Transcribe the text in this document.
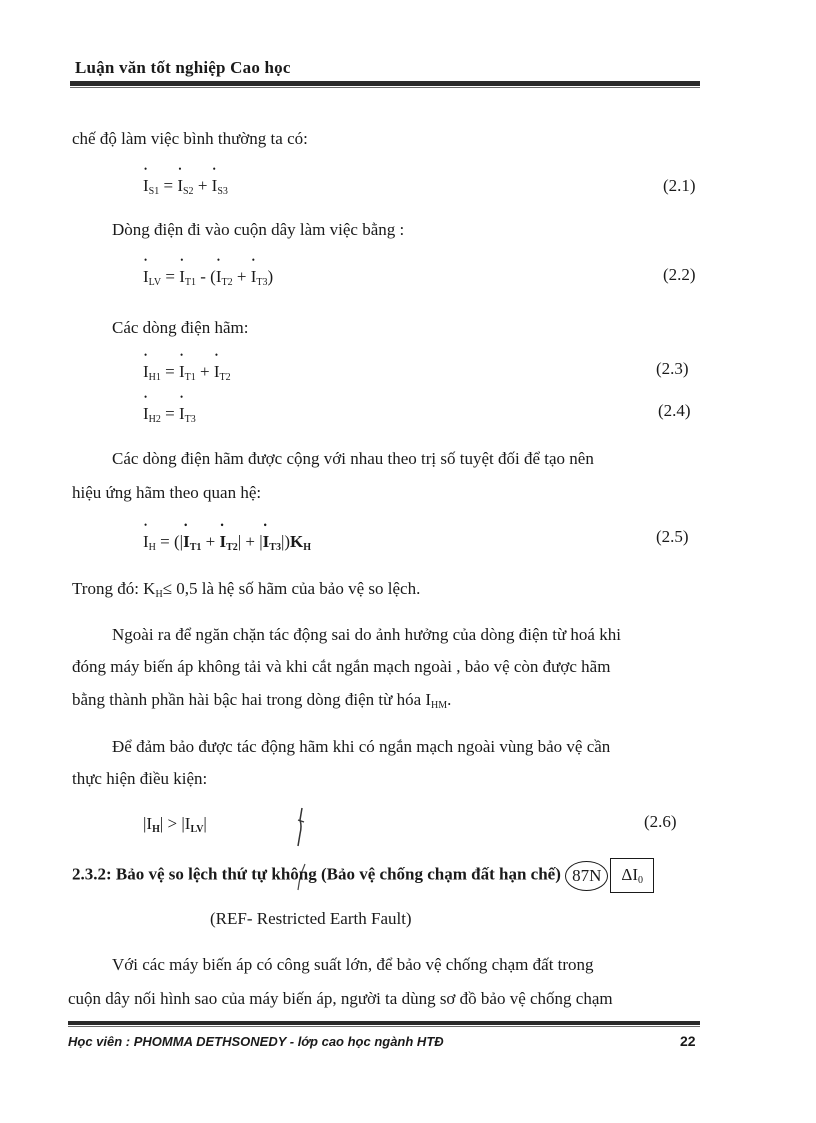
Luận văn tốt nghiệp Cao học
chế độ làm việc bình thường ta có:
• $I_{S1}$ = • $I_{S2}$ + • $I_{S3}$	(2.1)
Dòng điện đi vào cuộn dây làm việc bằng :
• $I_{LV}$ = • $I_{T1}$ - (• $I_{T2}$ + • $I_{T3}$)	(2.2)
Các dòng điện hãm:
• $I_{H1}$ = • $I_{T1}$ + • $I_{T2}$	(2.3)
• $I_{H2}$ = • $I_{T3}$	(2.4)
Các dòng điện hãm được cộng với nhau theo trị số tuyệt đối để tạo nên
hiệu ứng hãm theo quan hệ:
• $I_H$ = (|• $I_{T1}$ + • $I_{T2}|$ + |• $I_{T3}|)K_H$
(2.5)
Trong đó: $K_H\le 0,5$ là hệ số hãm của bảo vệ so lệch.
Ngoài ra để ngăn chặn tác động sai do ảnh hưởng của dòng điện từ hoá khi
đóng máy biến áp không tải và khi cắt ngắn mạch ngoài , bảo vệ còn được hãm
bằng thành phần hài bậc hai trong dòng điện từ hóa $I_{HM}$.
Để đảm bảo được tác động hãm khi có ngắn mạch ngoài vùng bảo vệ cần
thực hiện điều kiện:
$|I_H| > |I_{LV}|$	(2.6)
2.3.2: Bảo vệ so lệch thứ tự không (Bảo vệ chống chạm đất hạn chế) 87N $\Delta I_0$
(REF- Restricted Earth Fault)
Với các máy biến áp có công suất lớn, để bảo vệ chống chạm đất trong
cuộn dây nối hình sao của máy biến áp, người ta dùng sơ đồ bảo vệ chống chạm
Học viên : PHOMMA DETHSONEDY - lớp cao học ngành HTĐ	22
